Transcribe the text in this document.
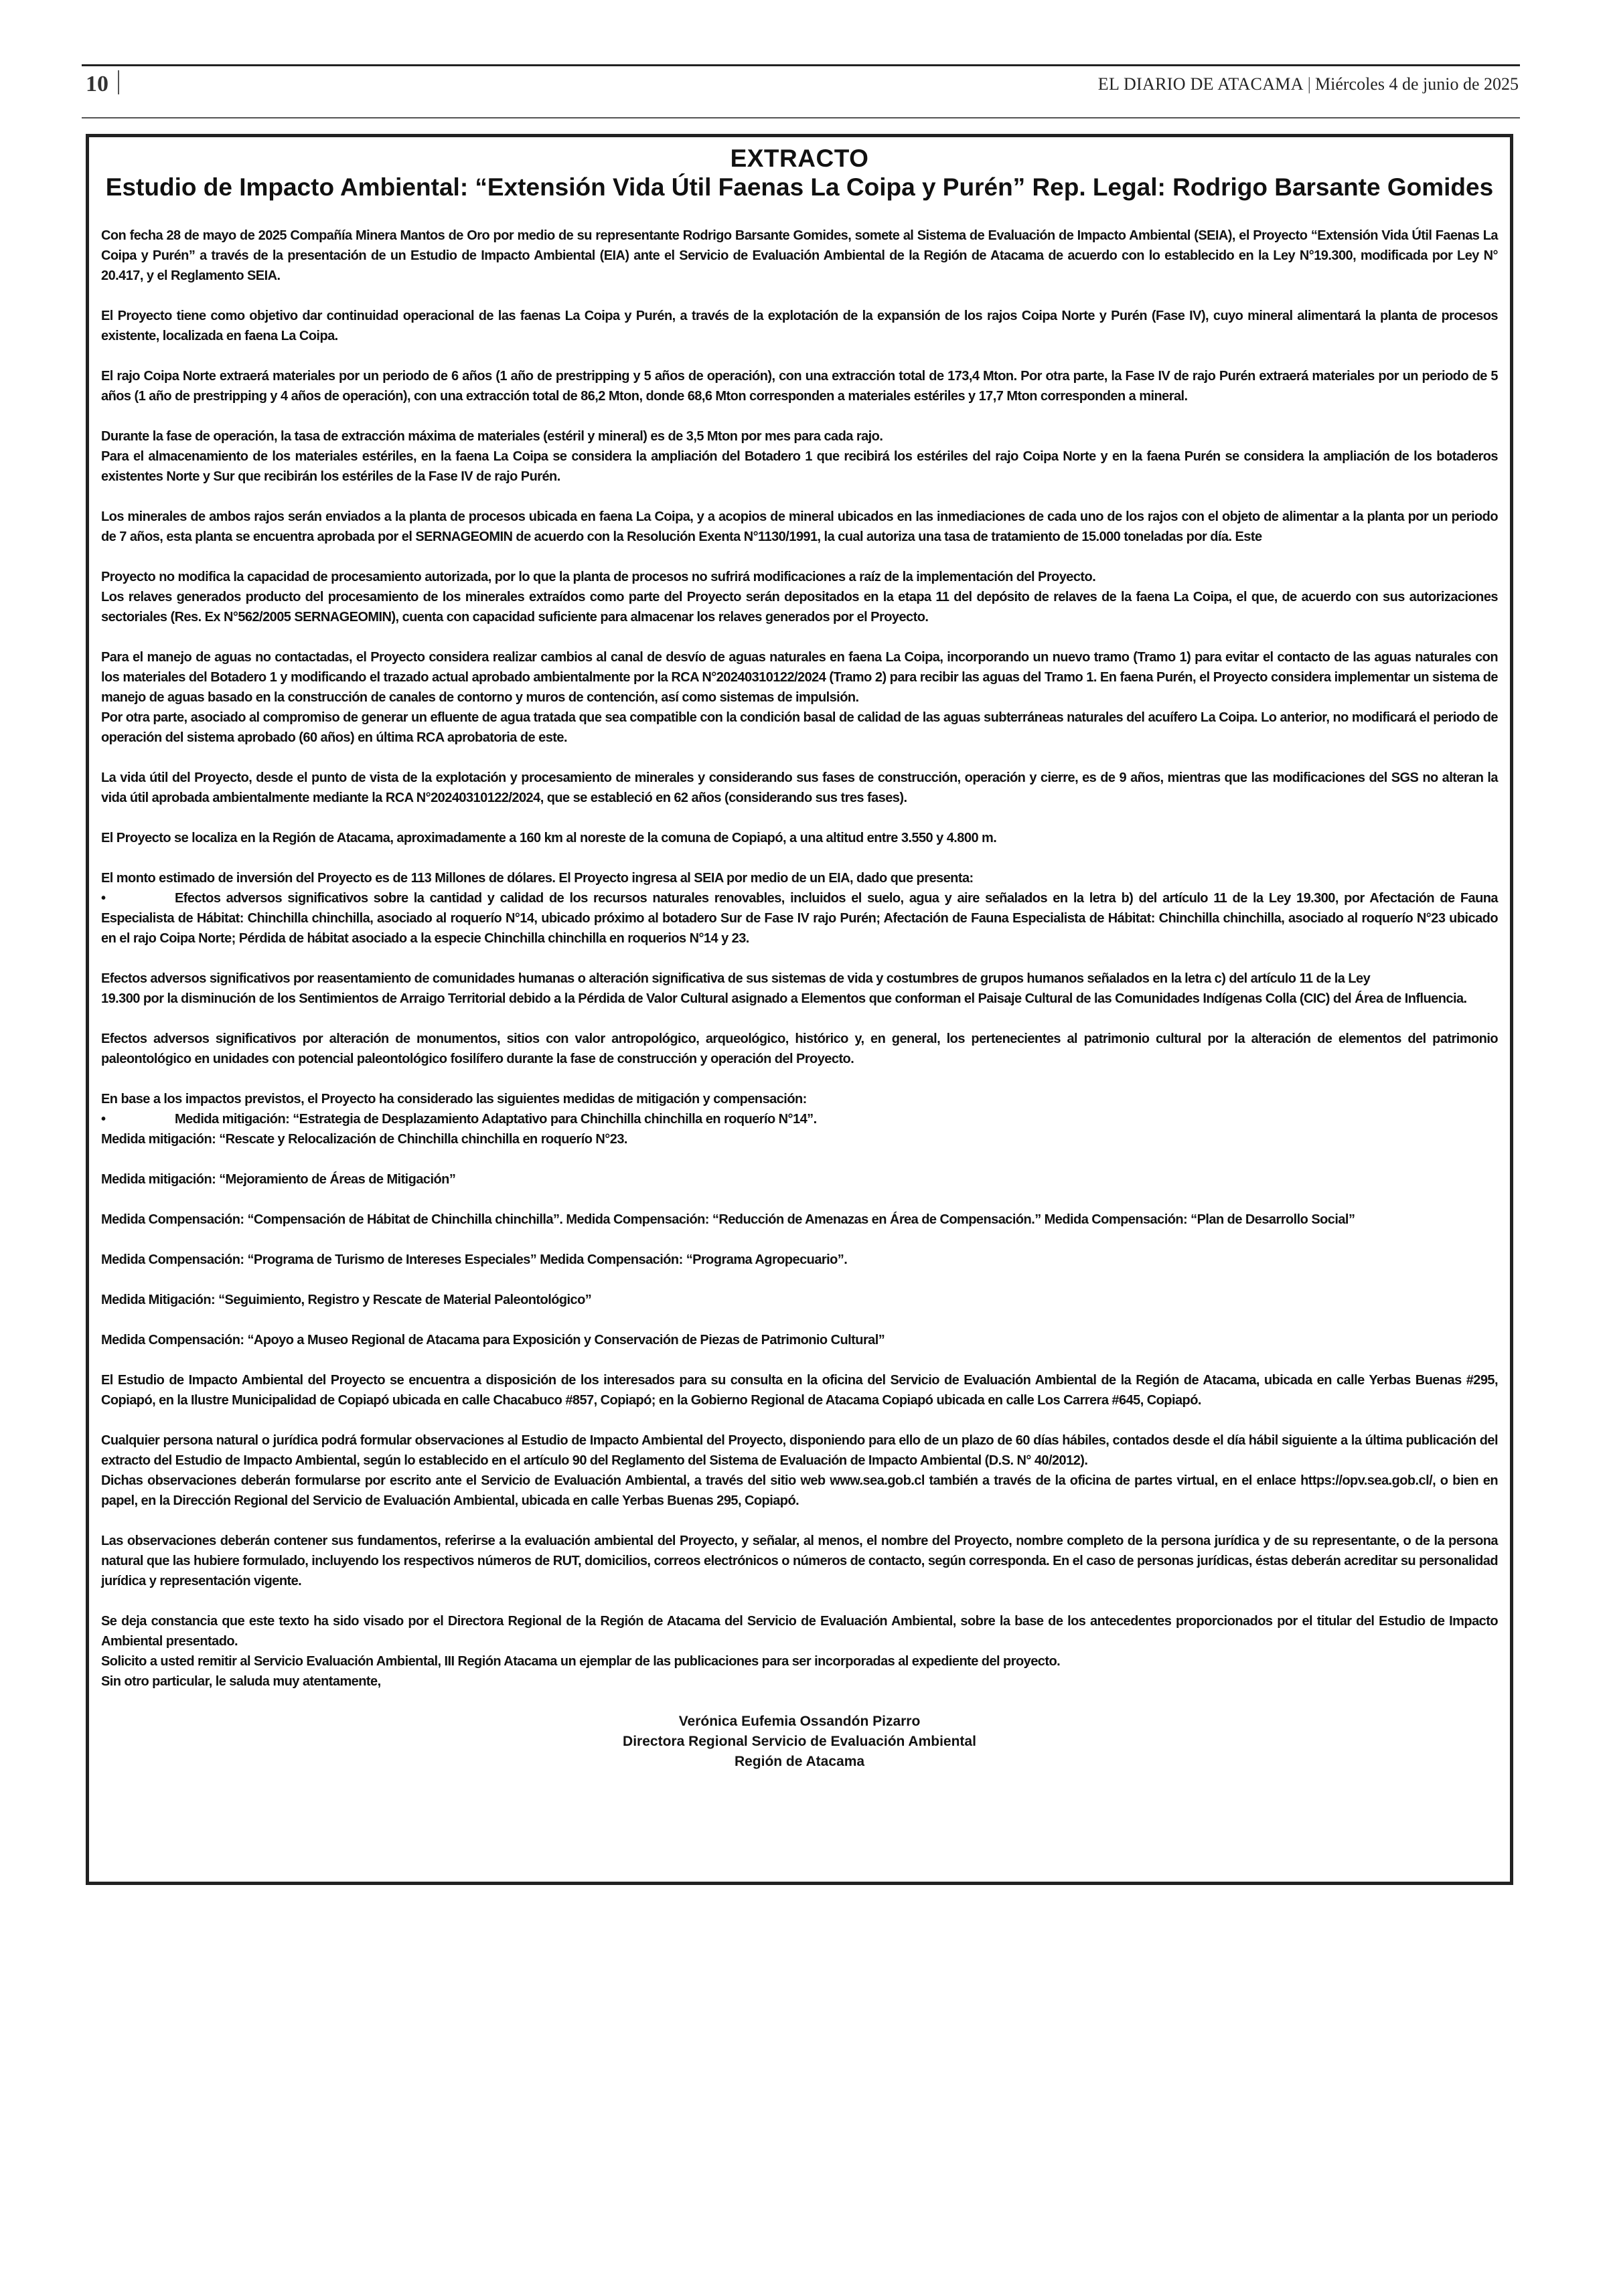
10	EL DIARIO DE ATACAMA | Miércoles 4 de junio de 2025
EXTRACTO
Estudio de Impacto Ambiental: “Extensión Vida Útil Faenas La Coipa y Purén” Rep. Legal: Rodrigo Barsante Gomides

Con fecha 28 de mayo de 2025 Compañía Minera Mantos de Oro por medio de su representante Rodrigo Barsante Gomides, somete al Sistema de Evaluación de Impacto Ambiental (SEIA), el Proyecto “Extensión Vida Útil Faenas La Coipa y Purén” a través de la presentación de un Estudio de Impacto Ambiental (EIA) ante el Servicio de Evaluación Ambiental de la Región de Atacama de acuerdo con lo establecido en la Ley N°19.300, modificada por Ley N° 20.417, y el Reglamento SEIA.

El Proyecto tiene como objetivo dar continuidad operacional de las faenas La Coipa y Purén, a través de la explotación de la expansión de los rajos Coipa Norte y Purén (Fase IV), cuyo mineral alimentará la planta de procesos existente, localizada en faena La Coipa.

El rajo Coipa Norte extraerá materiales por un periodo de 6 años (1 año de prestripping y 5 años de operación), con una extracción total de 173,4 Mton. Por otra parte, la Fase IV de rajo Purén extraerá materiales por un periodo de 5 años (1 año de prestripping y 4 años de operación), con una extracción total de 86,2 Mton, donde 68,6 Mton corresponden a materiales estériles y 17,7 Mton corresponden a mineral.

Durante la fase de operación, la tasa de extracción máxima de materiales (estéril y mineral) es de 3,5 Mton por mes para cada rajo.

Para el almacenamiento de los materiales estériles, en la faena La Coipa se considera la ampliación del Botadero 1 que recibirá los estériles del rajo Coipa Norte y en la faena Purén se considera la ampliación de los botaderos existentes Norte y Sur que recibirán los estériles de la Fase IV de rajo Purén.

Los minerales de ambos rajos serán enviados a la planta de procesos ubicada en faena La Coipa, y a acopios de mineral ubicados en las inmediaciones de cada uno de los rajos con el objeto de alimentar a la planta por un periodo de 7 años, esta planta se encuentra aprobada por el SERNAGEOMIN de acuerdo con la Resolución Exenta N°1130/1991, la cual autoriza una tasa de tratamiento de 15.000 toneladas por día. Este

Proyecto no modifica la capacidad de procesamiento autorizada, por lo que la planta de procesos no sufrirá modificaciones a raíz de la implementación del Proyecto.

Los relaves generados producto del procesamiento de los minerales extraídos como parte del Proyecto serán depositados en la etapa 11 del depósito de relaves de la faena La Coipa, el que, de acuerdo con sus autorizaciones sectoriales (Res. Ex N°562/2005 SERNAGEOMIN), cuenta con capacidad suficiente para almacenar los relaves generados por el Proyecto.

Para el manejo de aguas no contactadas, el Proyecto considera realizar cambios al canal de desvío de aguas naturales en faena La Coipa, incorporando un nuevo tramo (Tramo 1) para evitar el contacto de las aguas naturales con los materiales del Botadero 1 y modificando el trazado actual aprobado ambientalmente por la RCA N°20240310122/2024 (Tramo 2) para recibir las aguas del Tramo 1. En faena Purén, el Proyecto considera implementar un sistema de manejo de aguas basado en la construcción de canales de contorno y muros de contención, así como sistemas de impulsión.

Por otra parte, asociado al compromiso de generar un efluente de agua tratada que sea compatible con la condición basal de calidad de las aguas subterráneas naturales del acuífero La Coipa. Lo anterior, no modificará el periodo de operación del sistema aprobado (60 años) en última RCA aprobatoria de este.

La vida útil del Proyecto, desde el punto de vista de la explotación y procesamiento de minerales y considerando sus fases de construcción, operación y cierre, es de 9 años, mientras que las modificaciones del SGS no alteran la vida útil aprobada ambientalmente mediante la RCA N°20240310122/2024, que se estableció en 62 años (considerando sus tres fases).

El Proyecto se localiza en la Región de Atacama, aproximadamente a 160 km al noreste de la comuna de Copiapó, a una altitud entre 3.550 y 4.800 m.

El monto estimado de inversión del Proyecto es de 113 Millones de dólares. El Proyecto ingresa al SEIA por medio de un EIA, dado que presenta:

•	Efectos adversos significativos sobre la cantidad y calidad de los recursos naturales renovables, incluidos el suelo, agua y aire señalados en la letra b) del artículo 11 de la Ley 19.300, por Afectación de Fauna Especialista de Hábitat: Chinchilla chinchilla, asociado al roquerío N°14, ubicado próximo al botadero Sur de Fase IV rajo Purén; Afectación de Fauna Especialista de Hábitat: Chinchilla chinchilla, asociado al roquerío N°23 ubicado en el rajo Coipa Norte; Pérdida de hábitat asociado a la especie Chinchilla chinchilla en roquerios N°14 y 23.

Efectos adversos significativos por reasentamiento de comunidades humanas o alteración significativa de sus sistemas de vida y costumbres de grupos humanos señalados en la letra c) del artículo 11 de la Ley

19.300 por la disminución de los Sentimientos de Arraigo Territorial debido a la Pérdida de Valor Cultural asignado a Elementos que conforman el Paisaje Cultural de las Comunidades Indígenas Colla (CIC) del Área de Influencia.

Efectos adversos significativos por alteración de monumentos, sitios con valor antropológico, arqueológico, histórico y, en general, los pertenecientes al patrimonio cultural por la alteración de elementos del patrimonio paleontológico en unidades con potencial paleontológico fosilífero durante la fase de construcción y operación del Proyecto.

En base a los impactos previstos, el Proyecto ha considerado las siguientes medidas de mitigación y compensación:

•	Medida mitigación: “Estrategia de Desplazamiento Adaptativo para Chinchilla chinchilla en roquerío N°14”.

Medida mitigación: “Rescate y Relocalización de Chinchilla chinchilla en roquerío N°23.

Medida mitigación: “Mejoramiento de Áreas de Mitigación”

Medida Compensación: “Compensación de Hábitat de Chinchilla chinchilla”. Medida Compensación: “Reducción de Amenazas en Área de Compensación.” Medida Compensación: “Plan de Desarrollo Social”

Medida Compensación: “Programa de Turismo de Intereses Especiales” Medida Compensación: “Programa Agropecuario”.

Medida Mitigación: “Seguimiento, Registro y Rescate de Material Paleontológico”

Medida Compensación: “Apoyo a Museo Regional de Atacama para Exposición y Conservación de Piezas de Patrimonio Cultural”

El Estudio de Impacto Ambiental del Proyecto se encuentra a disposición de los interesados para su consulta en la oficina del Servicio de Evaluación Ambiental de la Región de Atacama, ubicada en calle Yerbas Buenas #295, Copiapó, en la Ilustre Municipalidad de Copiapó ubicada en calle Chacabuco #857, Copiapó; en la Gobierno Regional de Atacama Copiapó ubicada en calle Los Carrera #645, Copiapó.

Cualquier persona natural o jurídica podrá formular observaciones al Estudio de Impacto Ambiental del Proyecto, disponiendo para ello de un plazo de 60 días hábiles, contados desde el día hábil siguiente a la última publicación del extracto del Estudio de Impacto Ambiental, según lo establecido en el artículo 90 del Reglamento del Sistema de Evaluación de Impacto Ambiental (D.S. N° 40/2012).

Dichas observaciones deberán formularse por escrito ante el Servicio de Evaluación Ambiental, a través del sitio web www.sea.gob.cl también a través de la oficina de partes virtual, en el enlace https://opv.sea.gob.cl/, o bien en papel, en la Dirección Regional del Servicio de Evaluación Ambiental, ubicada en calle Yerbas Buenas 295, Copiapó.

Las observaciones deberán contener sus fundamentos, referirse a la evaluación ambiental del Proyecto, y señalar, al menos, el nombre del Proyecto, nombre completo de la persona jurídica y de su representante, o de la persona natural que las hubiere formulado, incluyendo los respectivos números de RUT, domicilios, correos electrónicos o números de contacto, según corresponda. En el caso de personas jurídicas, éstas deberán acreditar su personalidad jurídica y representación vigente.

Se deja constancia que este texto ha sido visado por el Directora Regional de la Región de Atacama del Servicio de Evaluación Ambiental, sobre la base de los antecedentes proporcionados por el titular del Estudio de Impacto Ambiental presentado.

Solicito a usted remitir al Servicio Evaluación Ambiental, III Región Atacama un ejemplar de las publicaciones para ser incorporadas al expediente del proyecto.

Sin otro particular, le saluda muy atentamente,

Verónica Eufemia Ossandón Pizarro
Directora Regional Servicio de Evaluación Ambiental
Región de Atacama
